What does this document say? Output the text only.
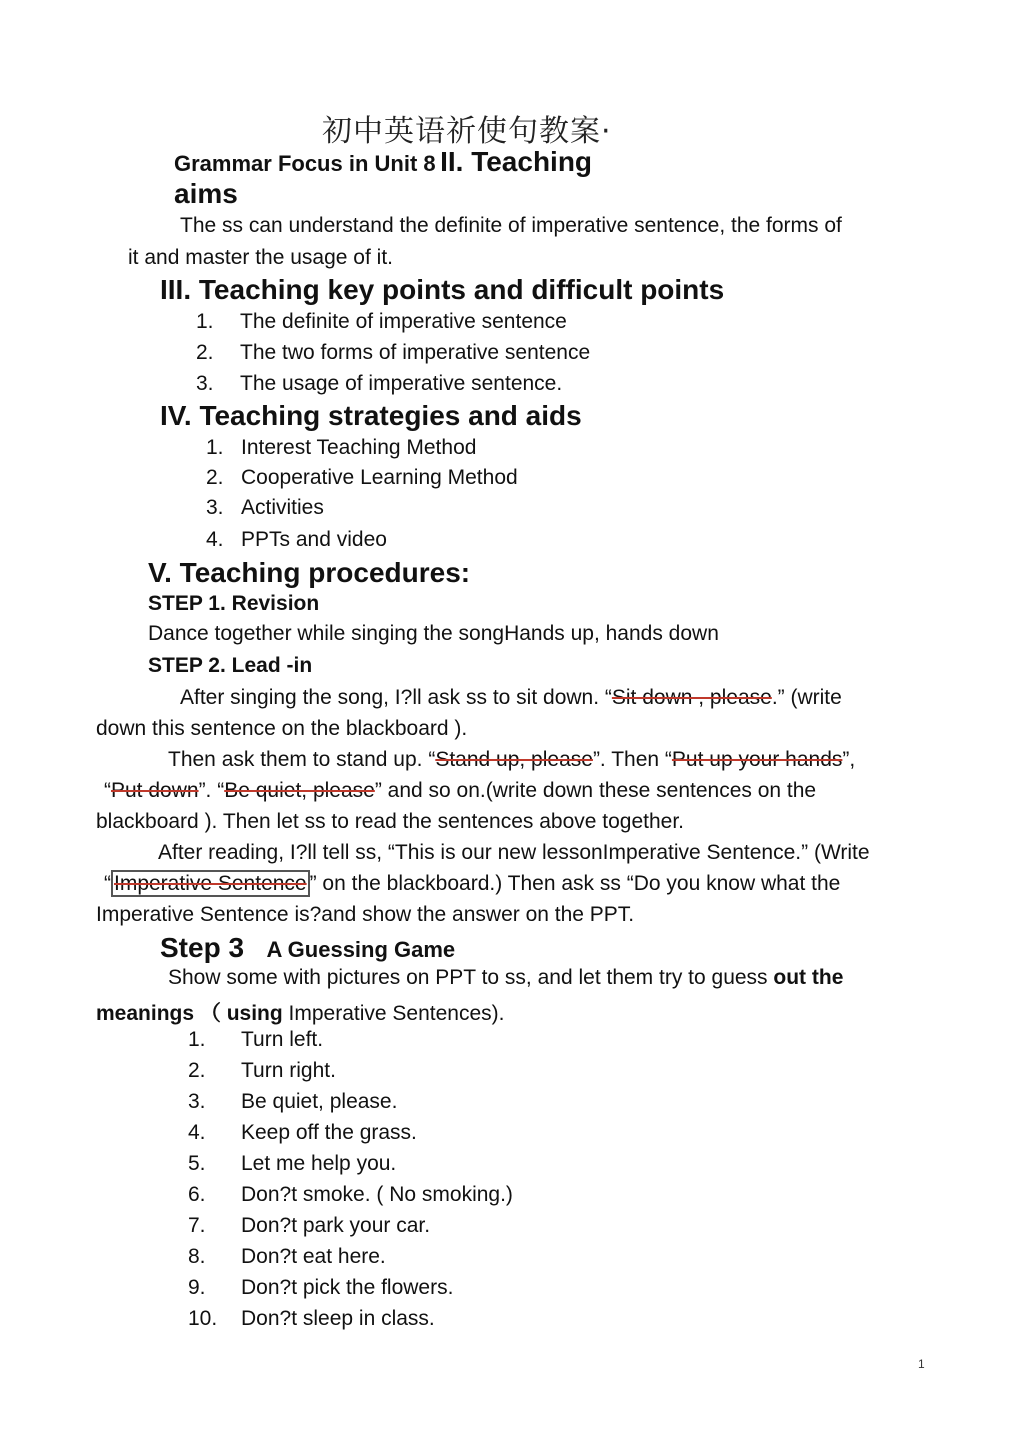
初中英语祈使句教案·
Grammar Focus in Unit 8 II. Teaching
aims
The ss can understand the definite of imperative sentence, the forms of
it and master the usage of it.
III. Teaching key points and difficult points
1. The definite of imperative sentence
2. The two forms of imperative sentence
3. The usage of imperative sentence.
IV. Teaching strategies and aids
1. Interest Teaching Method
2. Cooperative Learning Method
3. Activities
4. PPTs and video
V. Teaching procedures:
STEP 1. Revision
Dance together while singing the songHands up, hands down
STEP 2. Lead -in
After singing the song, I?ll ask ss to sit down. “Sit down , please.” (write
down this sentence on the blackboard ).
Then ask them to stand up. “Stand up, please”. Then “Put up your hands”,
“Put down”. “Be quiet, please” and so on.(write down these sentences on the
blackboard ). Then let ss to read the sentences above together.
After reading, I?ll tell ss, “This is our new lessonImperative Sentence.” (Write
“ Imperative Sentence ” on the blackboard.) Then ask ss “Do you know what the
Imperative Sentence is?and show the answer on the PPT.
Step 3 A Guessing Game
Show some with pictures on PPT to ss, and let them try to guess out the
meanings （ using Imperative Sentences).
1. Turn left.
2. Turn right.
3. Be quiet, please.
4. Keep off the grass.
5. Let me help you.
6. Don?t smoke. ( No smoking.)
7. Don?t park your car.
8. Don?t eat here.
9. Don?t pick the flowers.
10. Don?t sleep in class.
1
